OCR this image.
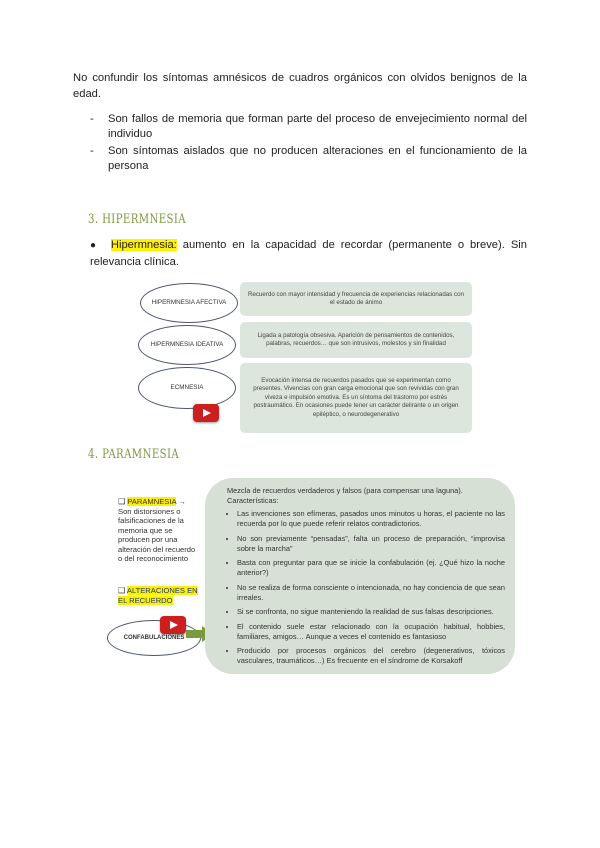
No confundir los síntomas amnésicos de cuadros orgánicos con olvidos benignos de la edad.
- Son fallos de memoria que forman parte del proceso de envejecimiento normal del individuo
- Son síntomas aislados que no producen alteraciones en el funcionamiento de la persona
3. HIPERMNESIA
● Hipermnesia: aumento en la capacidad de recordar (permanente o breve). Sin relevancia clínica.
HIPERMNESIA AFECTIVA
Recuerdo con mayor intensidad y frecuencia de experiencias relacionadas con el estado de ánimo
HIPERMNESIA IDEATIVA
Ligada a patología obsesiva. Aparición de pensamientos de contenidos, palabras, recuerdos… que son intrusivos, molestos y sin finalidad
ECMNESIA
Evocación intensa de recuerdos pasados que se experimentan como presentes. Vivencias con gran carga emocional que son revividas con gran viveza e impulsión emotiva. Es un síntoma del trastorno por estrés postraumático. En ocasiones puede tener un carácter delirante o un origen epiléptico, o neurodegenerativo
4. PARAMNESIA
❑ PARAMNESIA → Son distorsiones o falsificaciones de la memoria que se producen por una alteración del recuerdo o del reconocimiento
❑ ALTERACIONES EN EL RECUERDO
CONFABULACIONES
Mezcla de recuerdos verdaderos y falsos (para compensar una laguna). Características:
• Las invenciones son efímeras, pasados unos minutos u horas, el paciente no las recuerda por lo que puede referir relatos contradictorios.
• No son previamente “pensadas”, falta un proceso de preparación, “improvisa sobre la marcha”
• Basta con preguntar para que se inicie la confabulación (ej. ¿Qué hizo la noche anterior?)
• No se realiza de forma consciente o intencionada, no hay conciencia de que sean irreales.
• Si se confronta, no sigue manteniendo la realidad de sus falsas descripciones.
• El contenido suele estar relacionado con la ocupación habitual, hobbies, familiares, amigos… Aunque a veces el contenido es fantasioso
• Producido por procesos orgánicos del cerebro (degenerativos, tóxicos vasculares, traumáticos…) Es frecuente en el síndrome de Korsakoff
